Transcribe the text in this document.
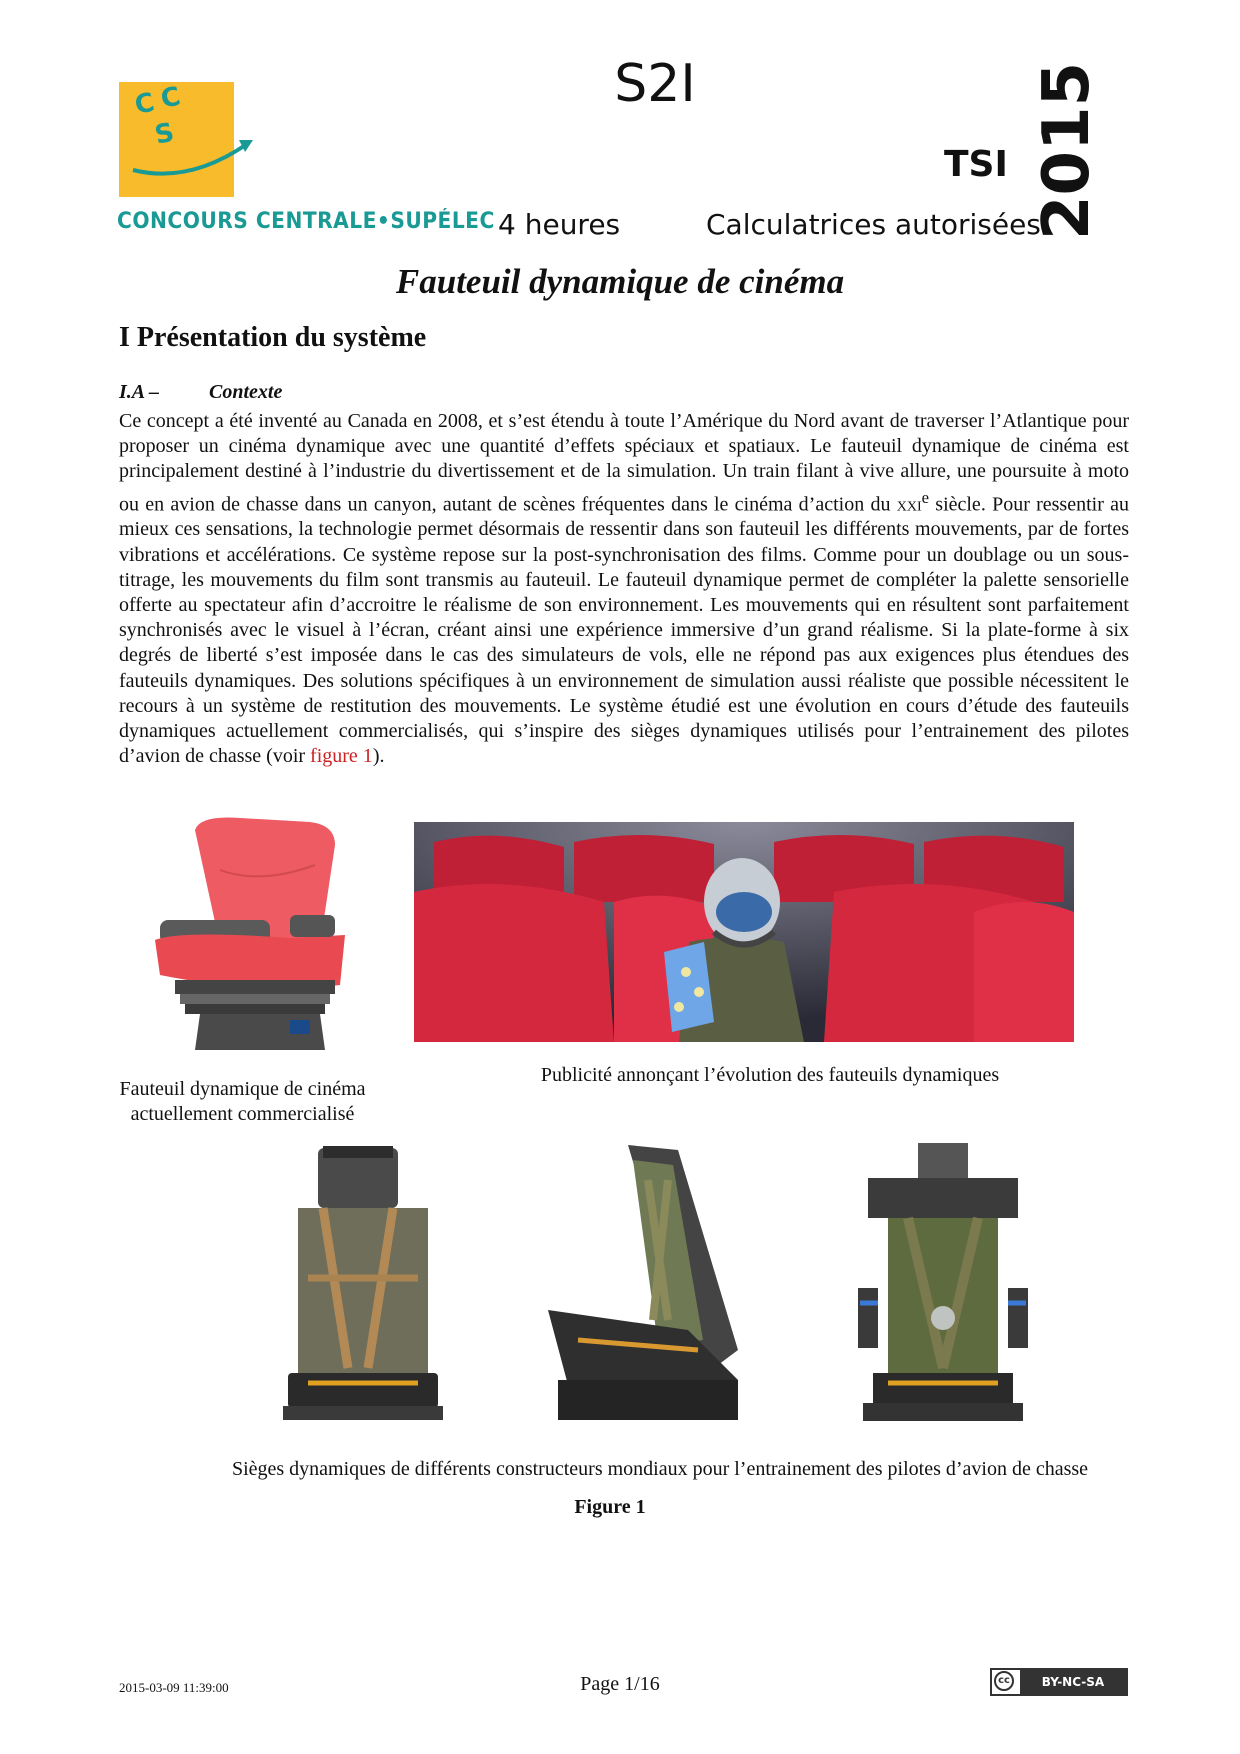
C C
S
CONCOURS CENTRALE•SUPÉLEC
S2I
TSI 2015
4 heures	Calculatrices autorisées
Fauteuil dynamique de cinéma
I Présentation du système
I.A – Contexte
Ce concept a été inventé au Canada en 2008, et s’est étendu à toute l’Amérique du Nord avant de traverser l’Atlantique pour proposer un cinéma dynamique avec une quantité d’effets spéciaux et spatiaux. Le fauteuil dynamique de cinéma est principalement destiné à l’industrie du divertissement et de la simulation. Un train filant à vive allure, une poursuite à moto ou en avion de chasse dans un canyon, autant de scènes fréquentes dans le cinéma d’action du xxi$^e$ siècle. Pour ressentir au mieux ces sensations, la technologie permet désormais de ressentir dans son fauteuil les différents mouvements, par de fortes vibrations et accélérations. Ce système repose sur la post-synchronisation des films. Comme pour un doublage ou un sous-titrage, les mouvements du film sont transmis au fauteuil. Le fauteuil dynamique permet de compléter la palette sensorielle offerte au spectateur afin d’accroitre le réalisme de son environnement. Les mouvements qui en résultent sont parfaitement synchronisés avec le visuel à l’écran, créant ainsi une expérience immersive d’un grand réalisme. Si la plate-forme à six degrés de liberté s’est imposée dans le cas des simulateurs de vols, elle ne répond pas aux exigences plus étendues des fauteuils dynamiques. Des solutions spécifiques à un environnement de simulation aussi réaliste que possible nécessitent le recours à un système de restitution des mouvements. Le système étudié est une évolution en cours d’étude des fauteuils dynamiques actuellement commercialisés, qui s’inspire des sièges dynamiques utilisés pour l’entrainement des pilotes d’avion de chasse (voir figure 1).
Fauteuil dynamique de cinéma actuellement commercialisé
Publicité annonçant l’évolution des fauteuils dynamiques
Sièges dynamiques de différents constructeurs mondiaux pour l’entrainement des pilotes d’avion de chasse
Figure 1
2015-03-09 11:39:00	Page 1/16	cc	BY-NC-SA
